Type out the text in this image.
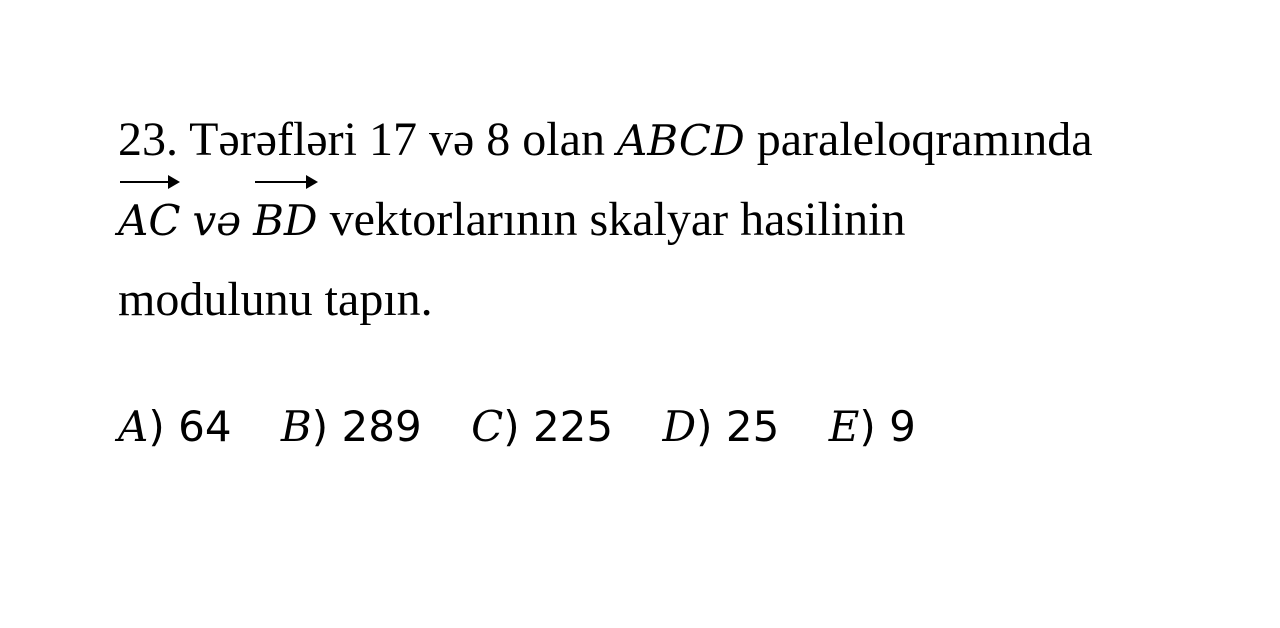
23. Tərəfləri 17 və 8 olan ABCD paraleloqramında
AC və BD vektorlarının skalyar hasilinin
modulunu tapın.
A) 64 B) 289 C) 225 D) 25 E) 9
